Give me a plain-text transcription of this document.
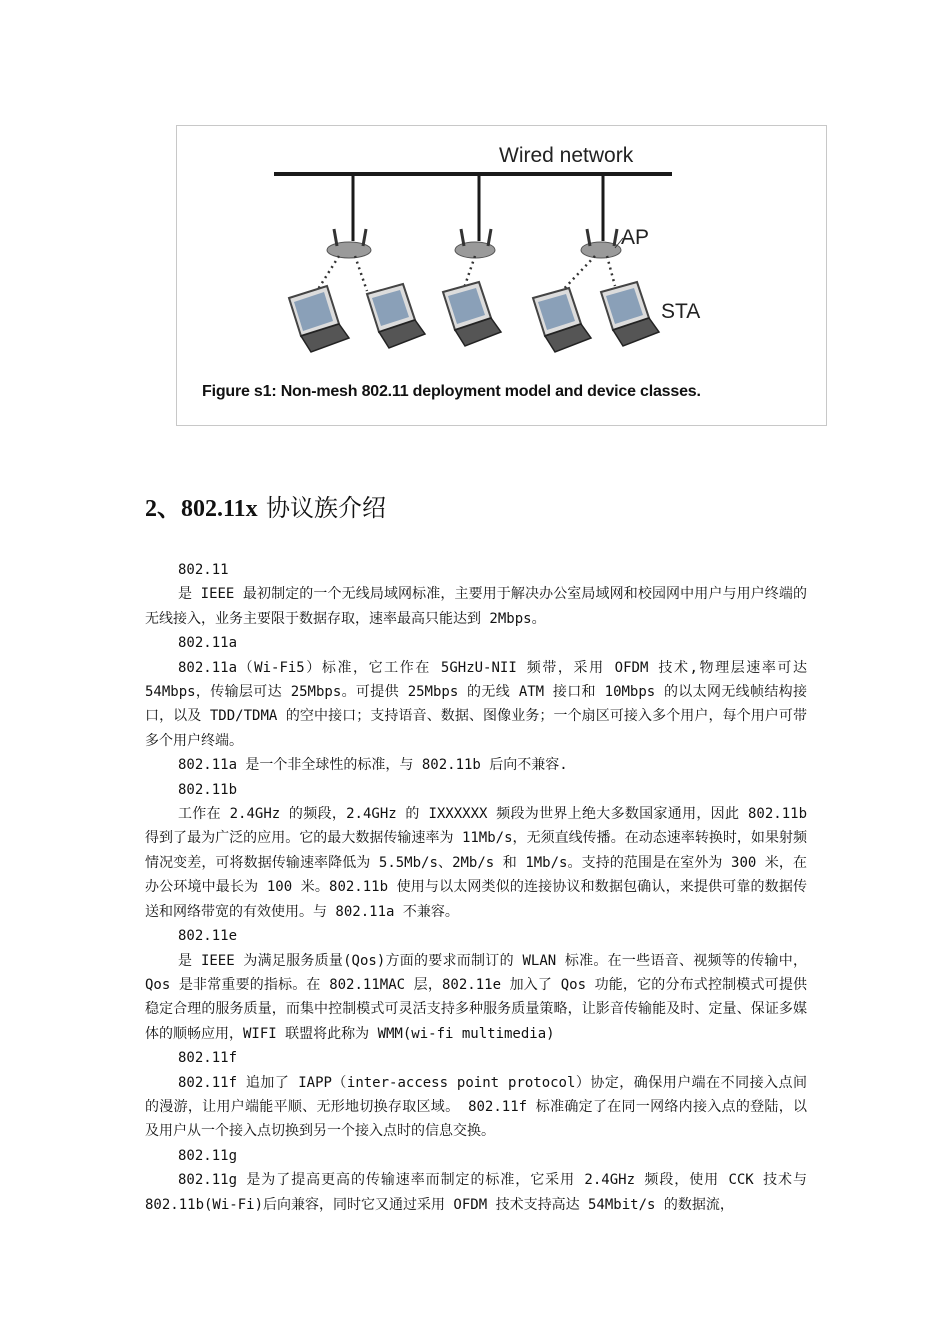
Wired network
AP
STA
Figure s1: Non-mesh 802.11 deployment model and device classes.
2、802.11x 协议族介绍

802.11

是 IEEE 最初制定的一个无线局域网标准，主要用于解决办公室局域网和校园网中用户与用户终端的无线接入，业务主要限于数据存取，速率最高只能达到 2Mbps。

802.11a

802.11a（Wi-Fi5）标准，它工作在 5GHzU-NII 频带，采用 OFDM 技术,物理层速率可达 54Mbps，传输层可达 25Mbps。可提供 25Mbps 的无线 ATM 接口和 10Mbps 的以太网无线帧结构接口，以及 TDD/TDMA 的空中接口；支持语音、数据、图像业务；一个扇区可接入多个用户，每个用户可带多个用户终端。

802.11a 是一个非全球性的标准，与 802.11b 后向不兼容.

802.11b

工作在 2.4GHz 的频段，2.4GHz 的 IXXXXXX 频段为世界上绝大多数国家通用，因此 802.11b 得到了最为广泛的应用。它的最大数据传输速率为 11Mb/s，无须直线传播。在动态速率转换时，如果射频情况变差，可将数据传输速率降低为 5.5Mb/s、2Mb/s 和 1Mb/s。支持的范围是在室外为 300 米，在办公环境中最长为 100 米。802.11b 使用与以太网类似的连接协议和数据包确认，来提供可靠的数据传送和网络带宽的有效使用。与 802.11a 不兼容。

802.11e

是 IEEE 为满足服务质量(Qos)方面的要求而制订的 WLAN 标准。在一些语音、视频等的传输中，Qos 是非常重要的指标。在 802.11MAC 层，802.11e 加入了 Qos 功能，它的分布式控制模式可提供稳定合理的服务质量，而集中控制模式可灵活支持多种服务质量策略，让影音传输能及时、定量、保证多媒体的顺畅应用，WIFI 联盟将此称为 WMM(wi-fi multimedia)

802.11f

802.11f 追加了 IAPP（inter-access point protocol）协定，确保用户端在不同接入点间的漫游，让用户端能平顺、无形地切换存取区域。 802.11f 标准确定了在同一网络内接入点的登陆，以及用户从一个接入点切换到另一个接入点时的信息交换。

802.11g

802.11g 是为了提高更高的传输速率而制定的标准，它采用 2.4GHz 频段，使用 CCK 技术与 802.11b(Wi-Fi)后向兼容，同时它又通过采用 OFDM 技术支持高达 54Mbit/s 的数据流，
